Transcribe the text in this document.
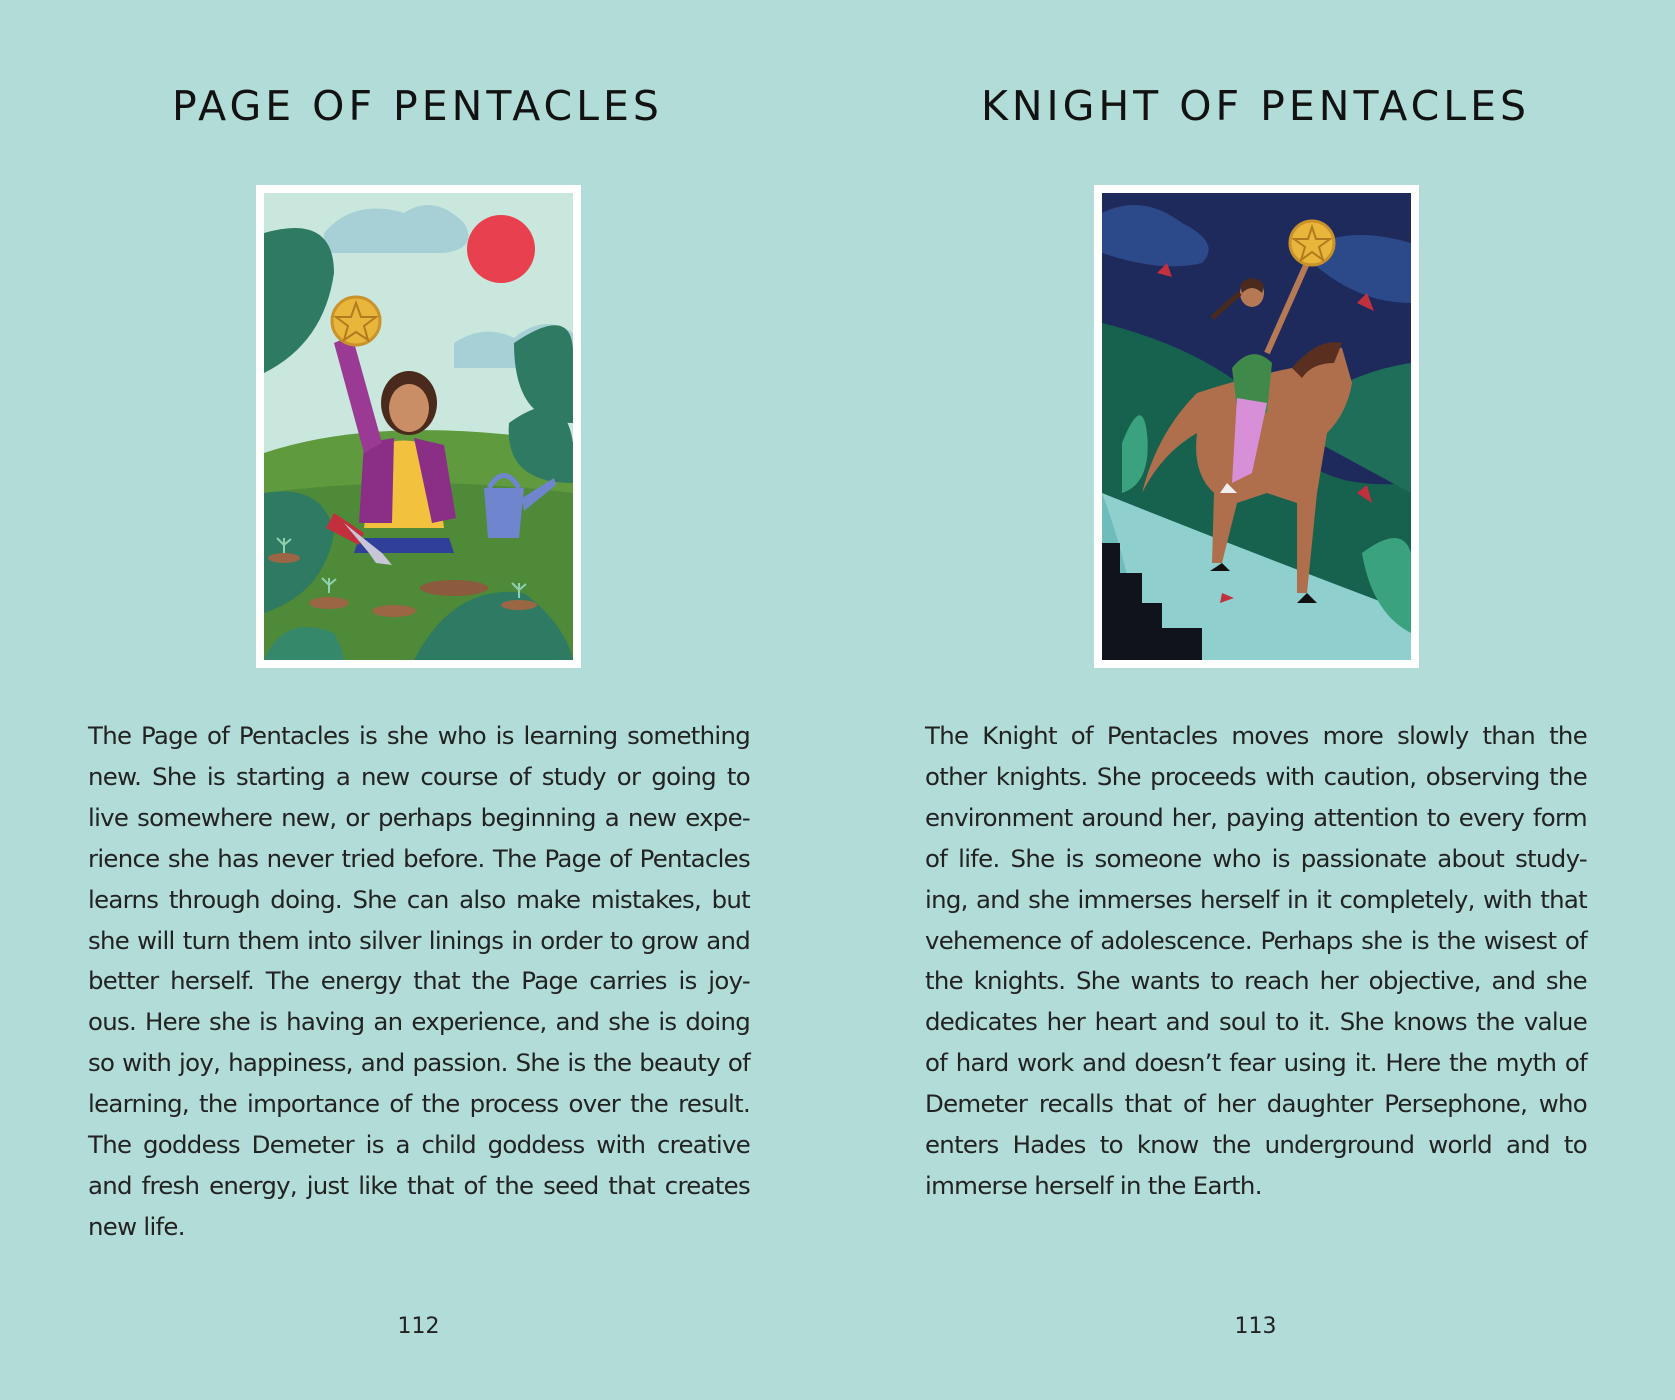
PAGE OF PENTACLES

The Page of Pentacles is she who is learning something new. She is starting a new course of study or going to live somewhere new, or perhaps beginning a new expe-rience she has never tried before. The Page of Pentacles learns through doing. She can also make mistakes, but she will turn them into silver linings in order to grow and better herself. The energy that the Page carries is joy-ous. Here she is having an experience, and she is doing so with joy, happiness, and passion. She is the beauty of learning, the importance of the process over the result. The goddess Demeter is a child goddess with creative and fresh energy, just like that of the seed that creates new life.

112
KNIGHT OF PENTACLES

The Knight of Pentacles moves more slowly than the other knights. She proceeds with caution, observing the environment around her, paying attention to every form of life. She is someone who is passionate about study-ing, and she immerses herself in it completely, with that vehemence of adolescence. Perhaps she is the wisest of the knights. She wants to reach her objective, and she dedicates her heart and soul to it. She knows the value of hard work and doesn’t fear using it. Here the myth of Demeter recalls that of her daughter Persephone, who enters Hades to know the underground world and to immerse herself in the Earth.

113
